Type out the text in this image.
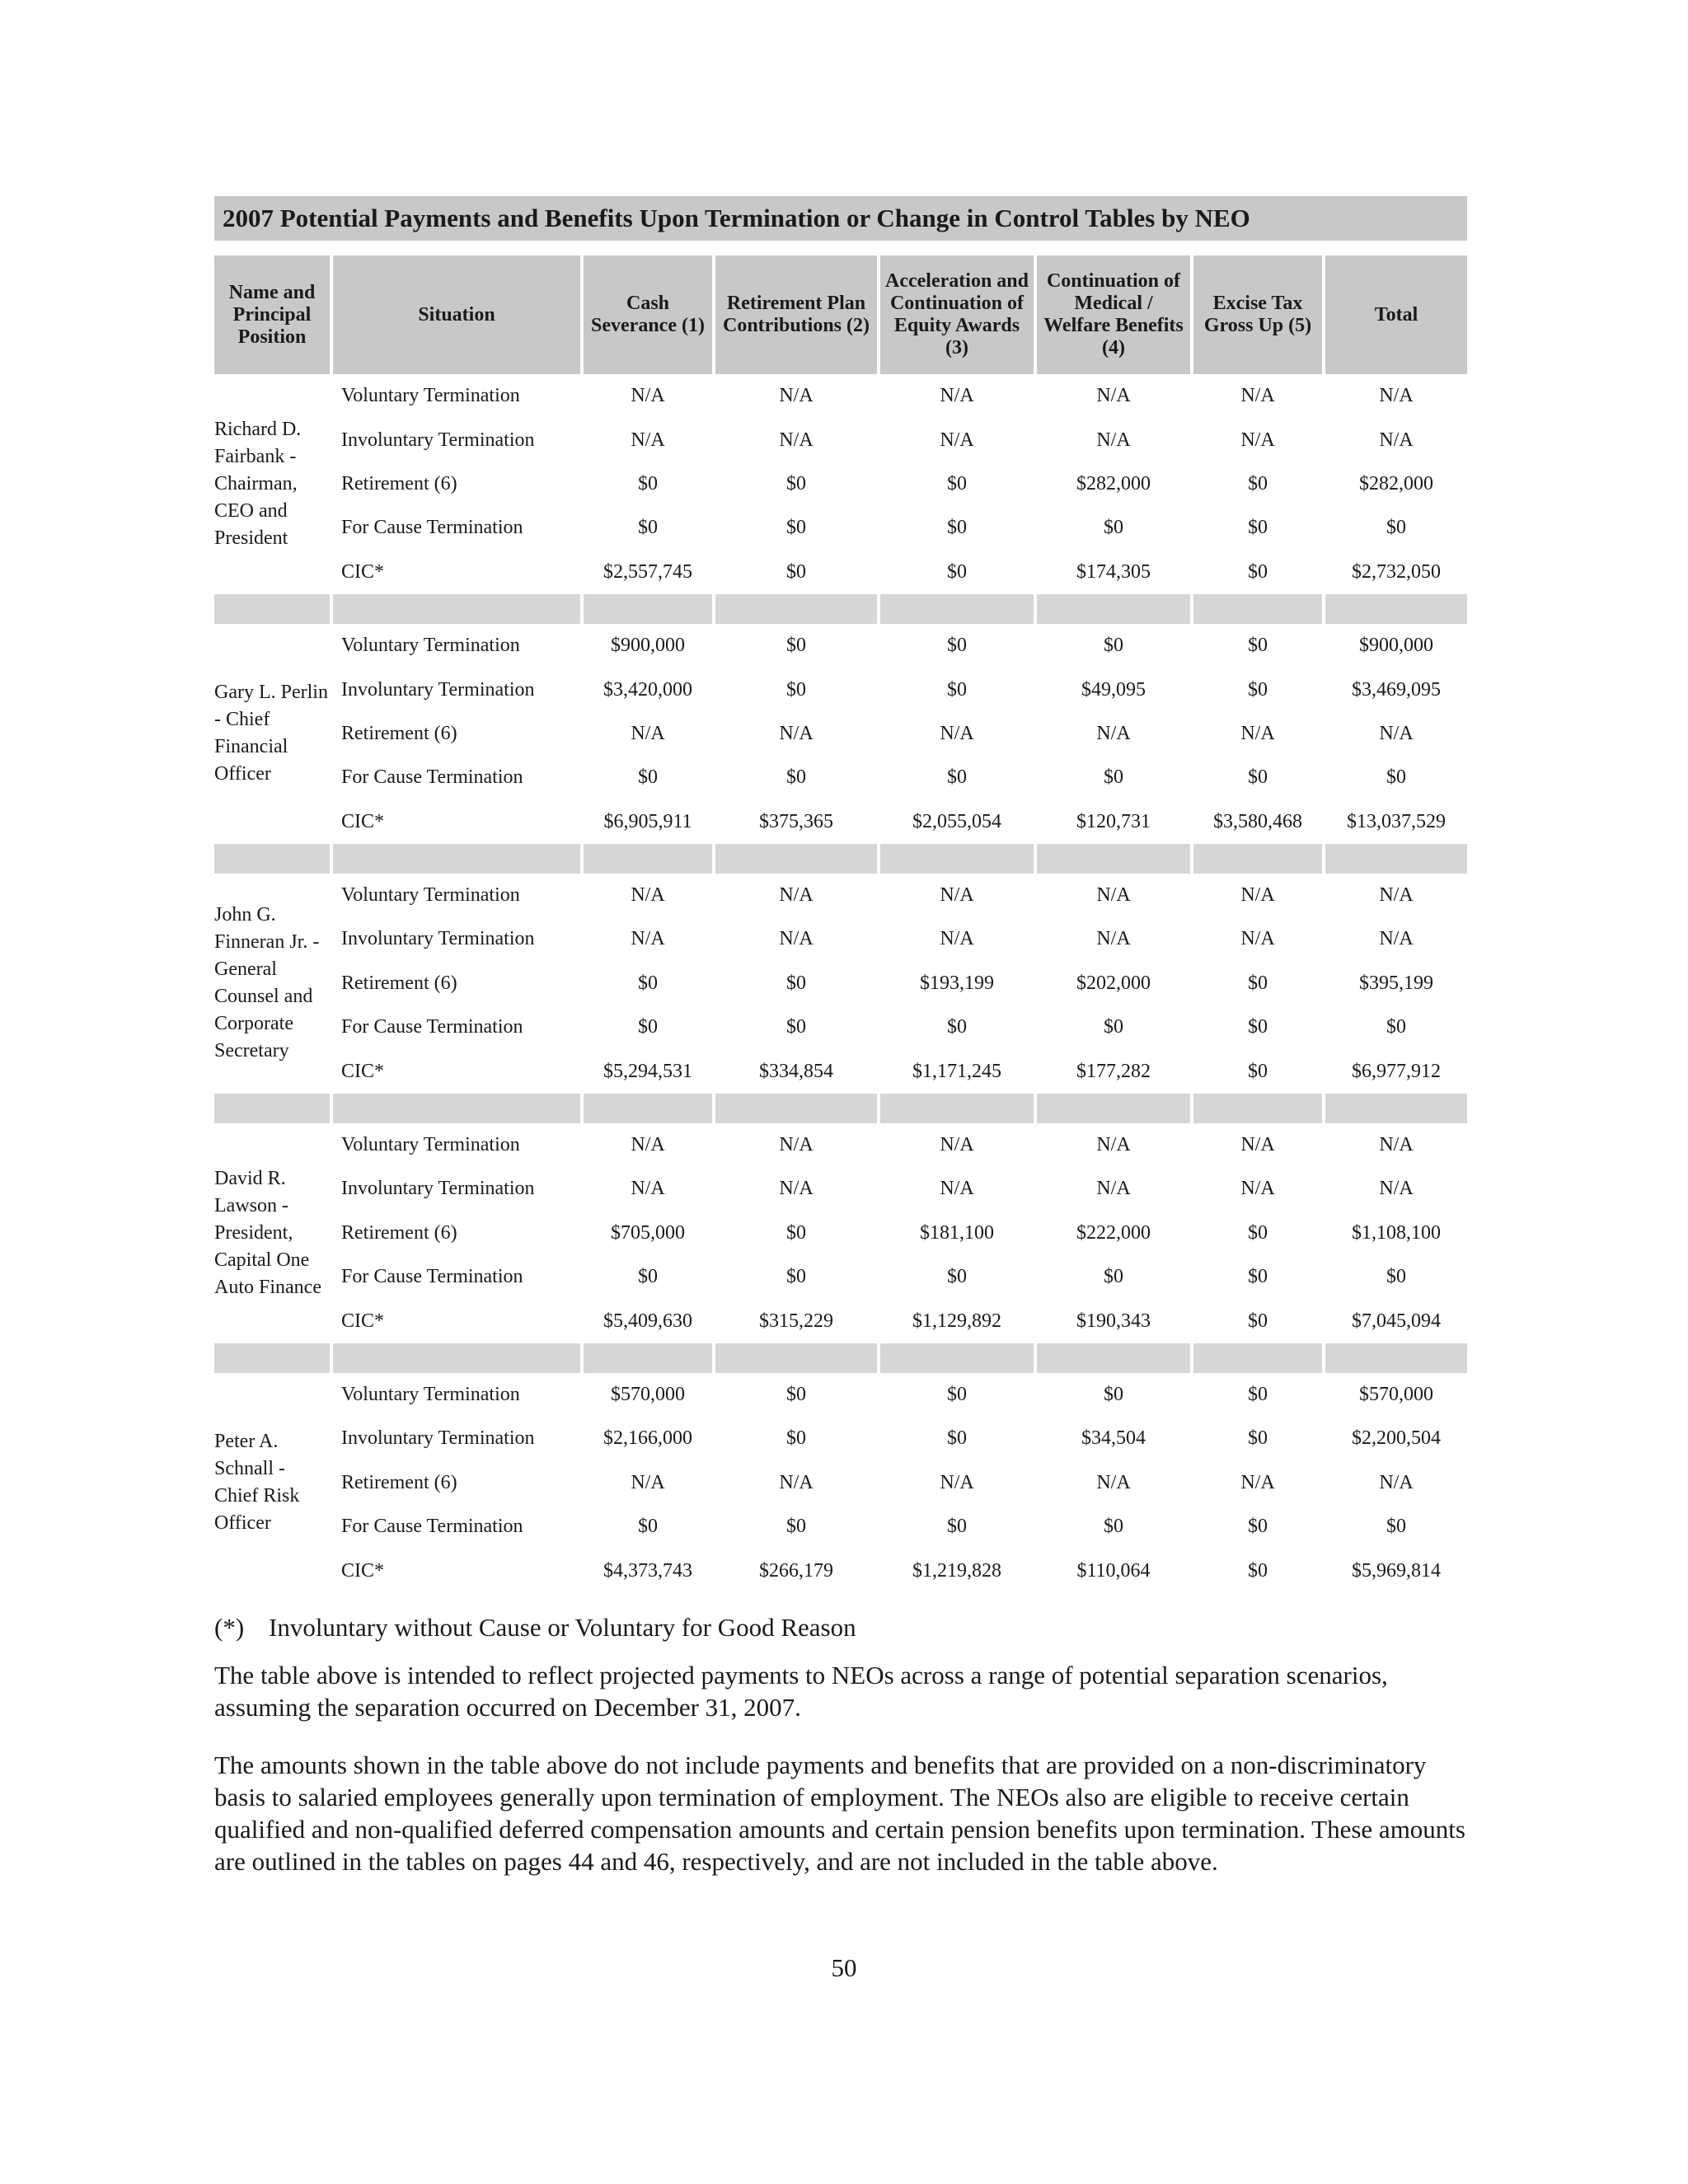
2007 Potential Payments and Benefits Upon Termination or Change in Control Tables by NEO
Name and Principal Position	Situation	Cash Severance (1)	Retirement Plan Contributions (2)	Acceleration and Continuation of Equity Awards (3)	Continuation of Medical / Welfare Benefits (4)	Excise Tax Gross Up (5)	Total
Richard D. Fairbank - Chairman, CEO and President	Voluntary Termination	N/A	N/A	N/A	N/A	N/A	N/A
	Involuntary Termination	N/A	N/A	N/A	N/A	N/A	N/A
	Retirement (6)	$0	$0	$0	$282,000	$0	$282,000
	For Cause Termination	$0	$0	$0	$0	$0	$0
	CIC*	$2,557,745	$0	$0	$174,305	$0	$2,732,050

Gary L. Perlin - Chief Financial Officer	Voluntary Termination	$900,000	$0	$0	$0	$0	$900,000
	Involuntary Termination	$3,420,000	$0	$0	$49,095	$0	$3,469,095
	Retirement (6)	N/A	N/A	N/A	N/A	N/A	N/A
	For Cause Termination	$0	$0	$0	$0	$0	$0
	CIC*	$6,905,911	$375,365	$2,055,054	$120,731	$3,580,468	$13,037,529

John G. Finneran Jr. - General Counsel and Corporate Secretary	Voluntary Termination	N/A	N/A	N/A	N/A	N/A	N/A
	Involuntary Termination	N/A	N/A	N/A	N/A	N/A	N/A
	Retirement (6)	$0	$0	$193,199	$202,000	$0	$395,199
	For Cause Termination	$0	$0	$0	$0	$0	$0
	CIC*	$5,294,531	$334,854	$1,171,245	$177,282	$0	$6,977,912

David R. Lawson - President, Capital One Auto Finance	Voluntary Termination	N/A	N/A	N/A	N/A	N/A	N/A
	Involuntary Termination	N/A	N/A	N/A	N/A	N/A	N/A
	Retirement (6)	$705,000	$0	$181,100	$222,000	$0	$1,108,100
	For Cause Termination	$0	$0	$0	$0	$0	$0
	CIC*	$5,409,630	$315,229	$1,129,892	$190,343	$0	$7,045,094

Peter A. Schnall - Chief Risk Officer	Voluntary Termination	$570,000	$0	$0	$0	$0	$570,000
	Involuntary Termination	$2,166,000	$0	$0	$34,504	$0	$2,200,504
	Retirement (6)	N/A	N/A	N/A	N/A	N/A	N/A
	For Cause Termination	$0	$0	$0	$0	$0	$0
	CIC*	$4,373,743	$266,179	$1,219,828	$110,064	$0	$5,969,814
(*) Involuntary without Cause or Voluntary for Good Reason

The table above is intended to reflect projected payments to NEOs across a range of potential separation scenarios, assuming the separation occurred on December 31, 2007.

The amounts shown in the table above do not include payments and benefits that are provided on a non-discriminatory basis to salaried employees generally upon termination of employment. The NEOs also are eligible to receive certain qualified and non-qualified deferred compensation amounts and certain pension benefits upon termination. These amounts are outlined in the tables on pages 44 and 46, respectively, and are not included in the table above.

50
